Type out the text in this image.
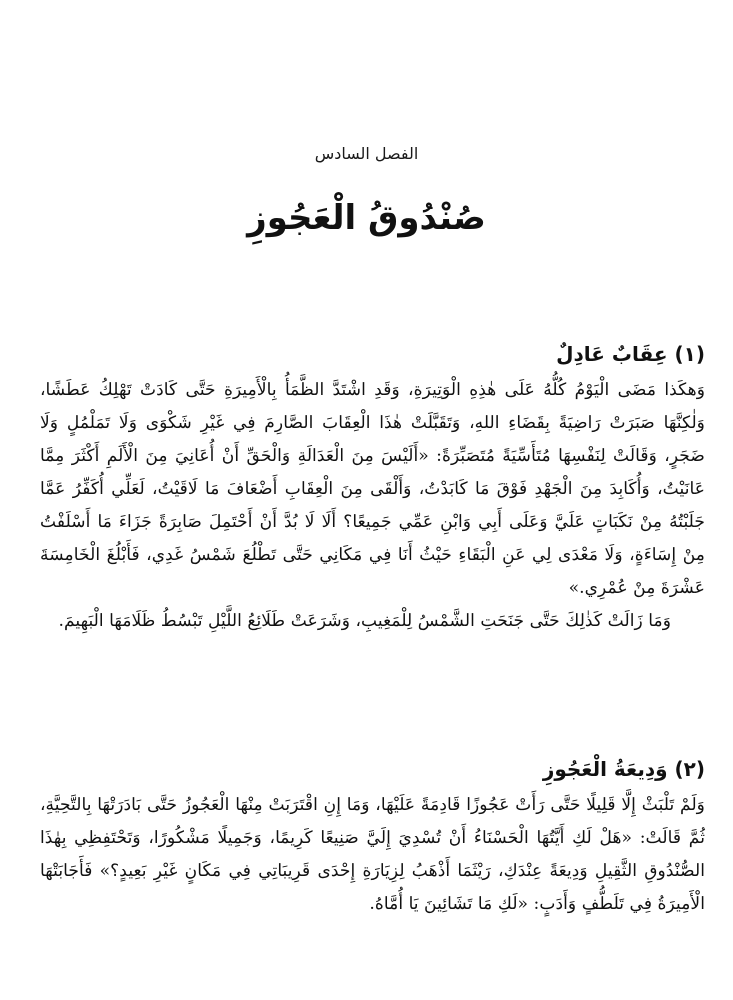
الفصل السادس
صُنْدُوقُ الْعَجُوزِ
(١) عِقَابٌ عَادِلٌ

وَهكَذا مَضَى الْيَوْمُ كُلُّهُ عَلَى هٰذِهِ الْوَتِيرَةِ، وَقَدِ اشْتَدَّ الظَّمَأُ بِالْأَمِيرَةِ حَتَّى كَادَتْ تَهْلِكُ عَطَشًا، وَلٰكِنَّهَا صَبَرَتْ رَاضِيَةً بِقَضَاءِ اللهِ، وَتَقَبَّلَتْ هٰذَا الْعِقَابَ الصَّارِمَ فِي غَيْرِ شَكْوَى وَلَا تَمَلْمُلٍ وَلَا ضَجَرٍ، وَقَالَتْ لِنَفْسِهَا مُتَأَسِّيَةً مُتَصَبِّرَةً: «أَلَيْسَ مِنَ الْعَدَالَةِ وَالْحَقِّ أَنْ أُعَانِيَ مِنَ الْأَلَمِ أَكْثَرَ مِمَّا عَانَيْتُ، وَأُكَابِدَ مِنَ الْجَهْدِ فَوْقَ مَا كَابَدْتُ، وَأَلْقَى مِنَ الْعِقَابِ أَضْعَافَ مَا لَاقَيْتُ، لَعَلِّي أُكَفِّرُ عَمَّا جَلَبْتُهُ مِنْ نَكَبَاتٍ عَلَيَّ وَعَلَى أَبِي وَابْنِ عَمِّي جَمِيعًا؟ أَلَا لَا بُدَّ أَنْ أَحْتَمِلَ صَابِرَةً جَزَاءَ مَا أَسْلَفْتُ مِنْ إِسَاءَةٍ، وَلَا مَعْدَى لِي عَنِ الْبَقَاءِ حَيْثُ أَنَا فِي مَكَانِي حَتَّى تَطْلُعَ شَمْسُ غَدِي، فَأَبْلُغَ الْخَامِسَةَ عَشْرَةَ مِنْ عُمْرِي.»

وَمَا زَالَتْ كَذٰلِكَ حَتَّى جَنَحَتِ الشَّمْسُ لِلْمَغِيبِ، وَشَرَعَتْ طَلَائِعُ اللَّيْلِ تَبْسُطُ ظَلَامَهَا الْبَهِيمَ.

(٢) وَدِيعَةُ الْعَجُوزِ

وَلَمْ تَلْبَثْ إِلَّا قَلِيلًا حَتَّى رَأَتْ عَجُوزًا قَادِمَةً عَلَيْهَا، وَمَا إِنِ اقْتَرَبَتْ مِنْهَا الْعَجُوزُ حَتَّى بَادَرَتْهَا بِالتَّحِيَّةِ، ثُمَّ قَالَتْ: «هَلْ لَكِ أَيَّتُهَا الْحَسْنَاءُ أَنْ تُسْدِيَ إِلَيَّ صَنِيعًا كَرِيمًا، وَجَمِيلًا مَشْكُورًا، وَتَحْتَفِظِي بِهٰذَا الصُّنْدُوقِ الثَّقِيلِ وَدِيعَةً عِنْدَكِ، رَيْثَمَا أَذْهَبُ لِزِيَارَةِ إِحْدَى قَرِيبَاتِي فِي مَكَانٍ غَيْرِ بَعِيدٍ؟» فَأَجَابَتْهَا الْأَمِيرَةُ فِي تَلَطُّفٍ وَأَدَبٍ: «لَكِ مَا تَشَائِينَ يَا أُمَّاهُ.
